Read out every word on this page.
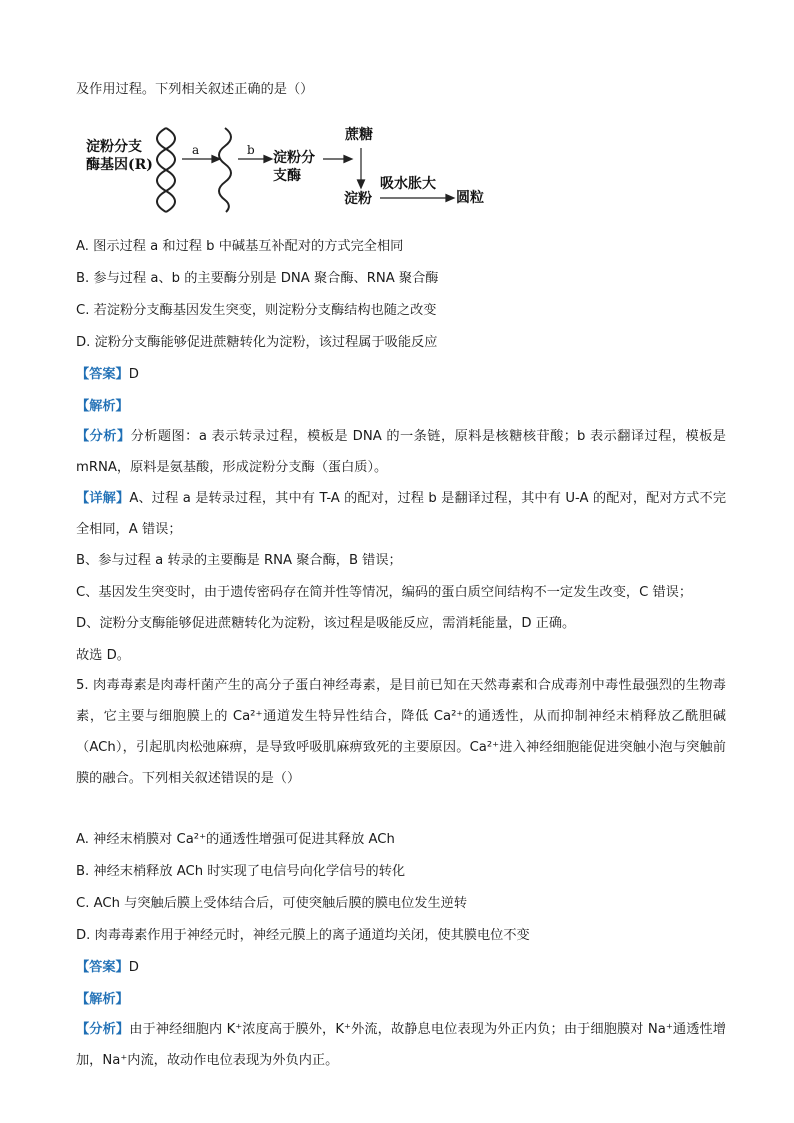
及作用过程。下列相关叙述正确的是（）
淀粉分支
酶基因(R)
a	b 淀粉分
支酶
蔗糖
淀粉
吸水胀大
圆粒
A. 图示过程 a 和过程 b 中碱基互补配对的方式完全相同
B. 参与过程 a、b 的主要酶分别是 DNA 聚合酶、RNA 聚合酶
C. 若淀粉分支酶基因发生突变，则淀粉分支酶结构也随之改变
D. 淀粉分支酶能够促进蔗糖转化为淀粉，该过程属于吸能反应
【答案】D
【解析】
【分析】分析题图：a 表示转录过程，模板是 DNA 的一条链，原料是核糖核苷酸；b 表示翻译过程，模板是 mRNA，原料是氨基酸，形成淀粉分支酶（蛋白质）。
【详解】A、过程 a 是转录过程，其中有 T-A 的配对，过程 b 是翻译过程，其中有 U-A 的配对，配对方式不完全相同，A 错误；
B、参与过程 a 转录的主要酶是 RNA 聚合酶，B 错误；
C、基因发生突变时，由于遗传密码存在简并性等情况，编码的蛋白质空间结构不一定发生改变，C 错误；
D、淀粉分支酶能够促进蔗糖转化为淀粉，该过程是吸能反应，需消耗能量，D 正确。
故选 D。
5. 肉毒毒素是肉毒杆菌产生的高分子蛋白神经毒素，是目前已知在天然毒素和合成毒剂中毒性最强烈的生物毒素，它主要与细胞膜上的 Ca²⁺通道发生特异性结合，降低 Ca²⁺的通透性，从而抑制神经末梢释放乙酰胆碱（ACh），引起肌肉松弛麻痹，是导致呼吸肌麻痹致死的主要原因。Ca²⁺进入神经细胞能促进突触小泡与突触前膜的融合。下列相关叙述错误的是（）
A. 神经末梢膜对 Ca²⁺的通透性增强可促进其释放 ACh
B. 神经末梢释放 ACh 时实现了电信号向化学信号的转化
C. ACh 与突触后膜上受体结合后，可使突触后膜的膜电位发生逆转
D. 肉毒毒素作用于神经元时，神经元膜上的离子通道均关闭，使其膜电位不变
【答案】D
【解析】
【分析】由于神经细胞内 K⁺浓度高于膜外，K⁺外流，故静息电位表现为外正内负；由于细胞膜对 Na⁺通透性增加，Na⁺内流，故动作电位表现为外负内正。
